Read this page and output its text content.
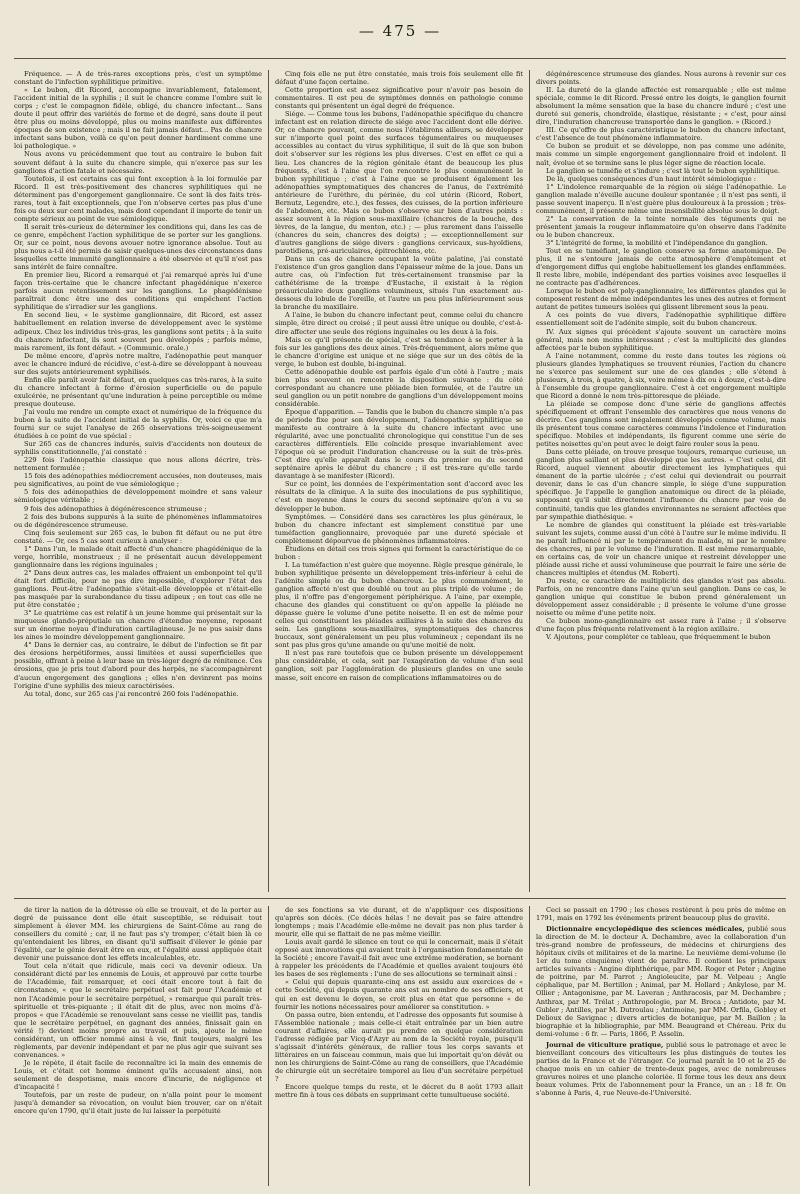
— 475 —

Fréquence. — A de très-rares exceptions près, c'est un symptôme constant de l'infection syphilitique primitive.

« Le bubon, dit Ricord, accompagne invariablement, fatalement, l'accident initial de la syphilis ; il suit le chancre comme l'ombre suit le corps ; c'est le compagnon fidèle, obligé, du chancre infectant... Sans doute il peut offrir des variétés de forme et de degré, sans doute il peut être plus ou moins développé, plus ou moins manifeste aux différentes époques de son existence ; mais il ne fait jamais défaut... Pas de chancre infectant sans bubon, voilà ce qu'on peut donner hardiment comme une loi pathologique. »

Nous avons vu précédemment que tout au contraire le bubon fait souvent défaut à la suite du chancre simple, qui n'exerce pas sur les ganglions d'action fatale et nécessaire.

Toutefois, il est certains cas qui font exception à la loi formulée par Ricord. Il est très-positivement des chancres syphilitiques qui ne déterminent pas d'engorgement ganglionnaire. Ce sont là des faits très-rares, tout à fait exceptionnels, que l'on n'observe certes pas plus d'une fois ou deux sur cent malades, mais dont cependant il importe de tenir un compte sérieux au point de vue sémiologique.

Il serait très-curieux de déterminer les conditions qui, dans les cas de ce genre, empêchent l'action syphilitique de se porter sur les ganglions. Or, sur ce point, nous devons avouer notre ignorance absolue. Tout au plus nous a-t-il été permis de saisir quelques-unes des circonstances dans lesquelles cette immunité ganglionnaire a été observée et qu'il n'est pas sans intérêt de faire connaître.

En premier lieu, Ricord a remarqué et j'ai remarqué après lui d'une façon très-certaine que le chancre infectant phagédénique n'exerce parfois aucun retentissement sur les ganglions. Le phagédénisme paraîtrait donc être une des conditions qui empêchent l'action syphilitique de s'irradier sur les ganglions.

En second lieu, « le système ganglionnaire, dit Ricord, est assez habituellement en relation inverse de développement avec le système adipeux. Chez les individus très-gras, les ganglions sont petits ; à la suite du chancre infectant, ils sont souvent peu développés ; parfois même, mais rarement, ils font défaut. » (Communic. orale.)

De même encore, d'après notre maître, l'adénopathie peut manquer avec le chancre induré de récidive, c'est-à-dire se développant à nouveau sur des sujets antérieurement syphilisés.

Enfin elle paraît avoir fait défaut, en quelques cas très-rares, à la suite du chancre infectant à forme d'érosion superficielle ou de papule exulcérée, ne présentant qu'une induration à peine perceptible ou même presque douteuse.

J'ai voulu me rendre un compte exact et numérique de la fréquence du bubon à la suite de l'accident initial de la syphilis. Or, voici ce que m'a fourni sur ce sujet l'analyse de 265 observations très-soigneusement étudiées à ce point de vue spécial :

Sur 265 cas de chancres indurés, suivis d'accidents non douteux de syphilis constitutionnelle, j'ai constaté :

229 fois l'adénopathie classique que nous allons décrire, très-nettement formulée ;

15 fois des adénopathies médiocrement accusées, non douteuses, mais peu significatives, au point de vue sémiologique ;

5 fois des adénopathies de développement moindre et sans valeur sémiologique véritable ;

9 fois des adénopathies à dégénérescence strumeuse ;

2 fois des bubons suppurés à la suite de phénomènes inflammatoires ou de dégénérescence strumeuse.

Cinq fois seulement sur 265 cas, le bubon fit défaut ou ne put être constaté. — Or, ces 5 cas sont curieux à analyser :

1° Dans l'un, le malade était affecté d'un chancre phagédénique de la verge, horrible, monstrueux ; il ne présentait aucun développement ganglionnaire dans les régions inguinales ;

2° Dans deux autres cas, les malades offraient un embonpoint tel qu'il était fort difficile, pour ne pas dire impossible, d'explorer l'état des ganglions. Peut-être l'adénopathie s'était-elle développée et n'était-elle pas masquée par la surabondance du tissu adipeux ; en tout cas elle ne put être constatée ;

3° Le quatrième cas est relatif à un jeune homme qui présentait sur la muqueuse glando-préputiale un chancre d'étendue moyenne, reposant sur un énorme noyau d'induration cartilagineuse. Je ne pus saisir dans les aines le moindre développement ganglionnaire.

4° Dans le dernier cas, au contraire, le début de l'infection se fit par des érosions herpétiformes, aussi limitées et aussi superficielles que possible, offrant à peine à leur base un très-léger degré de rénitence. Ces érosions, que je pris tout d'abord pour des herpès, ne s'accompagnèrent d'aucun engorgement des ganglions ; elles n'en devinrent pas moins l'origine d'une syphilis des mieux caractérisées.

Au total, donc, sur 265 cas j'ai rencontré 260 fois l'adénopathie.

Cinq fois elle ne put être constatée, mais trois fois seulement elle fit défaut d'une façon certaine.

Cette proportion est assez significative pour n'avoir pas besoin de commentaires. Il est peu de symptômes donnés en pathologie comme constants qui présentent un égal degré de fréquence.

Siége. — Comme tous les bubons, l'adénopathie spécifique du chancre infectant est en relation directe de siége avec l'accident dont elle dérive. Or, ce chancre pouvant, comme nous l'établirons ailleurs, se développer sur n'importe quel point des surfaces tégumentaires ou muqueuses accessibles au contact du virus syphilitique, il suit de là que son bubon doit s'observer sur les régions les plus diverses. C'est en effet ce qui a lieu. Les chancres de la région génitale étant de beaucoup les plus fréquents, c'est à l'aine que l'on rencontre le plus communément le bubon syphilitique ; c'est à l'aine que se produisent également les adénopathies symptomatiques des chancres de l'anus, de l'extrémité antérieure de l'urèthre, du périnée, du col utérin (Ricord, Robert, Bernutz, Legendre, etc.), des fesses, des cuisses, de la portion inférieure de l'abdomen, etc. Mais ce bubon s'observe sur bien d'autres points : assez souvent à la région sous-maxillaire (chancres de la bouche, des lèvres, de la langue, du menton, etc.) ; — plus rarement dans l'aisselle (chancres du sein, chancres des doigts) ; — exceptionnellement sur d'autres ganglions de siége divers : ganglions cervicaux, sus-hyoïdiens, parotidiens, pré-auriculaires, épitrochléens, etc.

Dans un cas de chancre occupant la voûte palatine, j'ai constaté l'existence d'un gros ganglion dans l'épaisseur même de la joue. Dans un autre cas, où l'infection fut très-certainement transmise par la cathétérisme de la trompe d'Eustache, il existait à la région préauriculaire deux ganglions volumineux, situés l'un exactement au-dessous du lobule de l'oreille, et l'autre un peu plus inférieurement sous la branche du maxillaire.

A l'aine, le bubon du chancre infectant peut, comme celui du chancre simple, être direct ou croisé ; il peut aussi être unique ou double, c'est-à-dire affecter une seule des régions inguinales ou les deux à la fois.

Mais ce qu'il présente de spécial, c'est sa tendance à se porter à la fois sur les ganglions des deux aines. Très-fréquemment, alors même que le chancre d'origine est unique et ne siége que sur un des côtés de la verge, le bubon est double, bi-inguinal.

Cette adénopathie double est parfois égale d'un côté à l'autre ; mais bien plus souvent on rencontre la disposition suivante : du côté correspondant au chancre une pléiade bien formulée, et de l'autre un seul ganglion ou un petit nombre de ganglions d'un développement moins considérable.

Époque d'apparition. — Tandis que le bubon du chancre simple n'a pas de période fixe pour son développement, l'adénopathie syphilitique se manifeste au contraire à la suite du chancre infectant avec une régularité, avec une ponctualité chronologique qui constitue l'un de ses caractères différentiels. Elle coïncide presque invariablement avec l'époque où se produit l'induration chancreuse ou la suit de très-près. C'est dire qu'elle apparaît dans le cours du premier ou du second septénaire après le début du chancre ; il est très-rare qu'elle tarde davantage à se manifester (Ricord).

Sur ce point, les données de l'expérimentation sont d'accord avec les résultats de la clinique. A la suite des inoculations de pus syphilitique, c'est en moyenne dans le cours du second septénaire qu'on a vu se développer le bubon.

Symptômes. — Considéré dans ses caractères les plus généraux, le bubon du chancre infectant est simplement constitué par une tuméfaction ganglionnaire, provoquée par une dureté spéciale et complètement dépourvue de phénomènes inflammatoires.

Étudions en détail ces trois signes qui forment la caractéristique de ce bubon :

I. La tuméfaction n'est guère que moyenne. Règle presque générale, le bubon syphilitique présente un développement très-inférieur à celui de l'adénite simple ou du bubon chancreux. Le plus communément, le ganglion affecté n'est que doublé ou tout au plus triplé de volume ; de plus, il n'offre pas d'engorgement périphérique. A l'aine, par exemple, chacune des glandes qui constituent ce qu'on appelle la pléiade ne dépasse guère le volume d'une petite noisette. Il en est de même pour celles qui constituent les pléiades axillaires à la suite des chancres du sein. Les ganglions sous-maxillaires, symptomatiques des chancres buccaux, sont généralement un peu plus volumineux ; cependant ils ne sont pas plus gros qu'une amande ou qu'une moitié de noix.

Il n'est pas rare toutefois que ce bubon présente un développement plus considérable, et cela, soit par l'exagération de volume d'un seul ganglion, soit par l'agglomération de plusieurs glandes en une seule masse, soit encore en raison de complications inflammatoires ou de

dégénérescence strumeuse des glandes. Nous aurons à revenir sur ces divers points.

II. La dureté de la glande affectée est remarquable ; elle est même spéciale, comme le dit Ricord. Pressé entre les doigts, le ganglion fournit absolument la même sensation que la base du chancre induré ; c'est une dureté sui generis, chondroïde, élastique, résistante ; « c'est, pour ainsi dire, l'induration chancreuse transportée dans le ganglion. » (Ricord.)

III. Ce qu'offre de plus caractéristique le bubon du chancre infectant, c'est l'absence de tout phénomène inflammatoire.

Ce bubon se produit et se développe, non pas comme une adénite, mais comme un simple engorgement ganglionnaire froid et indolent. Il naît, évolue et se termine sans le plus léger signe de réaction locale.

Le ganglion se tuméfie et s'indure ; c'est là tout le bubon syphilitique.

De là, quelques conséquences d'un haut intérêt sémiologique :

1° L'indolence remarquable de la région où siége l'adénopathie. Le ganglion malade n'éveille aucune douleur spontanée ; il n'est pas senti, il passe souvent inaperçu. Il n'est guère plus douloureux à la pression ; très-communément, il présente même une insensibilité absolue sous le doigt.

2° La conservation de la teinte normale des téguments qui ne présentent jamais la rougeur inflammatoire qu'on observe dans l'adénite ou le bubon chancreux.

3° L'intégrité de forme, la mobilité et l'indépendance du ganglion.

Tout en se tuméfiant, le ganglion conserve sa forme anatomique. De plus, il ne s'entoure jamais de cette atmosphère d'empâtement et d'engorgement diffus qui englobe habituellement les glandes enflammées. Il reste libre, mobile, indépendant des parties voisines avec lesquelles il ne contracte pas d'adhérences.

Lorsque le bubon est poly-ganglionnaire, les différentes glandes qui le composent restent de même indépendantes les unes des autres et forment autant de petites tumeurs isolées qui glissent librement sous la peau.

A ces points de vue divers, l'adénopathie syphilitique diffère essentiellement soit de l'adénite simple, soit du bubon chancreux.

IV. Aux signes qui précèdent s'ajoute souvent un caractère moins général, mais non moins intéressant ; c'est la multiplicité des glandes affectées par le bubon syphilitique.

A l'aine notamment, comme du reste dans toutes les régions où plusieurs glandes lymphatiques se trouvent réunies, l'action du chancre ne s'exerce pas seulement sur une de ces glandes ; elle s'étend à plusieurs, à trois, à quatre, à six, voire même à dix ou à douze, c'est-à-dire à l'ensemble du groupe ganglionnaire. C'est à cet engorgement multiple que Ricord a donné le nom très-pittoresque de pléiade.

La pléiade se compose donc d'une série de ganglions affectés spécifiquement et offrant l'ensemble des caractères que nous venons de décrire. Ces ganglions sont inégalement développés comme volume, mais ils présentent tous comme caractères communs l'indolence et l'induration spécifique. Mobiles et indépendants, ils figurent comme une série de petites noisettes qu'on peut avec le doigt faire rouler sous la peau.

Dans cette pléiade, on trouve presque toujours, remarque curieuse, un ganglion plus saillant et plus développé que les autres. « C'est celui, dit Ricord, auquel viennent aboutir directement les lymphatiques qui émanent de la partie ulcérée ; c'est celui qui deviendrait ou pourrait devenir, dans le cas d'un chancre simple, le siége d'une suppuration spécifique. Je l'appelle le ganglion anatomique ou direct de la pléiade, supposant qu'il subit directement l'influence du chancre par voie de continuité, tandis que les glandes environnantes ne seraient affectées que par sympathie diathésique. »

Le nombre de glandes qui constituent la pléiade est très-variable suivant les sujets, comme aussi d'un côté à l'autre sur le même individu. Il ne paraît influencé ni par le tempérament du malade, ni par le nombre des chancres, ni par le volume de l'induration. Il est même remarquable, en certains cas, de voir un chancre unique et restreint développer une pléiade aussi riche et aussi volumineuse que pourrait le faire une série de chancres multiples et étendus (M. Robert).

Du reste, ce caractère de multiplicité des glandes n'est pas absolu. Parfois, on ne rencontre dans l'aine qu'un seul ganglion. Dans ce cas, le ganglion unique qui constitue le bubon prend généralement un développement assez considérable ; il présente le volume d'une grosse noisette ou même d'une petite noix.

Ce bubon mono-ganglionnaire est assez rare à l'aine ; il s'observe d'une façon plus fréquente relativement à la région axillaire.

V. Ajoutons, pour compléter ce tableau, que fréquemment le bubon

de tirer la nation de la détresse où elle se trouvait, et de la porter au degré de puissance dont elle était susceptible, se réduisait tout simplement à élever MM. les chirurgiens de Saint-Côme au rang de conseillers du comité ; car, il ne faut pas s'y tromper, c'était bien là ce qu'entendaient les libres, en disant qu'il suffisait d'élever le génie par l'égalité, car le génie devait être en eux, et l'égalité aussi appliquée était devenir une puissance dont les effets incalculables, etc.

Tout cela n'était que ridicule, mais ceci va devenir odieux. Un considérant dicté par les ennemis de Louis, et approuvé par cette tourbe de l'Académie, fait remarquer, et ceci était encore tout à fait de circonstance, « que le secrétaire perpétuel est fait pour l'Académie et non l'Académie pour le secrétaire perpétuel, » remarque qui paraît très-spirituelle et très-piquante ; il était dit de plus, avec non moins d'à-propos « que l'Académie se renouvelant sans cesse ne vieillit pas, tandis que le secrétaire perpétuel, en gagnant des années, finissait gain en vérité !) devient moins propre au travail et puis, ajoute le même considérant, un officier nommé ainsi à vie, finit toujours, malgré les règlements, par devenir indépendant et par ne plus agir que suivant ses convenances. »

Je le répète, il était facile de reconnaître ici la main des ennemis de Louis, et c'était cet homme éminent qu'ils accusaient ainsi, non seulement de despotisme, mais encore d'incurie, de négligence et d'incapacité !

Toutefois, par un reste de pudeur, on n'alla point pour le moment jusqu'à demander sa révocation, on voulut bien trouver, car on n'était encore qu'en 1790, qu'il était juste de lui laisser la perpétuité

de ses fonctions sa vie durant, et de n'appliquer ces dispositions qu'après son décès. (Ce décès hélas ! ne devait pas se faire attendre longtemps ; mais l'Académie elle-même ne devait pas non plus tarder à mourir, elle qui se flattait de ne pas même vieillir.

Louis avait gardé le silence en tout ce qui le concernait, mais il s'était opposé aux innovations qui avaient trait à l'organisation fondamentale de la Société ; encore l'avait-il fait avec une extrême modération, se bornant à rappeler les précédents de l'Académie et quelles avaient toujours été les bases de ses règlements : l'une de ses allocutions se terminait ainsi :

« Celui qui depuis quarante-cinq ans est assidu aux exercices de « cette Société, qui depuis quarante ans est au nombre de ses officiers, et qui en est devenu le doyen, se croit plus en état que personne « de fournir les notions nécessaires pour améliorer sa constitution. »

On passa outre, bien entendu, et l'adresse des opposants fut soumise à l'Assemblée nationale ; mais celle-ci était entraînée par un bien autre courant d'affaires, elle aurait pu prendre en quelque considération l'adresse rédigée par Vicq-d'Azyr au nom de la Société royale, puisqu'il s'agissait d'intérêts généraux, de rallier tous les corps savants et littéraires en un faisceau commun, mais que lui importait qu'on dévât ou non les chirurgiens de Saint-Côme au rang de conseillers, que l'Académie de chirurgie eût un secrétaire temporel au lieu d'un secrétaire perpétuel ?

Encore quelque temps du reste, et le décret du 8 août 1793 allait mettre fin à tous ces débats en supprimant cette tumultueuse société.

Ceci se passait en 1790 ; les choses restèrent à peu près de même en 1791, mais en 1792 les événements prirent beaucoup plus de gravité.

Dictionnaire encyclopédique des sciences médicales, publié sous la direction de M. le docteur A. Dechambre, avec la collaboration d'un très-grand nombre de professeurs, de médecins et chirurgiens des hôpitaux civils et militaires et de la marine. Le neuvième demi-volume (le 1er du tome cinquième) vient de paraître. Il contient les principaux articles suivants : Angine diphthérique, par MM. Roger et Peter ; Angine de poitrine, par M. Parrot ; Angioleucite, par M. Velpeau ; Angle céphalique, par M. Bertillon ; Animal, par M. Hollard ; Ankylose, par M. Ollier ; Antagonisme, par M. Laveran ; Anthracosis, par M. Dechambre ; Anthrax, par M. Trélat ; Anthropologie, par M. Broca ; Antidote, par M. Gubler ; Antilles, par M. Dutroulau ; Antimoine, par MM. Orfila, Gobley et Delioux de Savignac ; divers articles de botanique, par M. Baillon ; la biographie et la bibliographie, par MM. Beaugrand et Chéreau. Prix du demi-volume : 6 fr. — Paris, 1866, P. Asselin.

Journal de viticulture pratique, publié sous le patronage et avec le bienveillant concours des viticulteurs les plus distingués de toutes les parties de la France et de l'étranger. Ce journal paraît le 10 et le 25 de chaque mois en un cahier de trente-deux pages, avec de nombreuses gravures noires et une planche coloriée. Il forme tous les deux ans deux beaux volumes. Prix de l'abonnement pour la France, un an : 18 fr. On s'abonne à Paris, 4, rue Neuve-de-l'Université.
